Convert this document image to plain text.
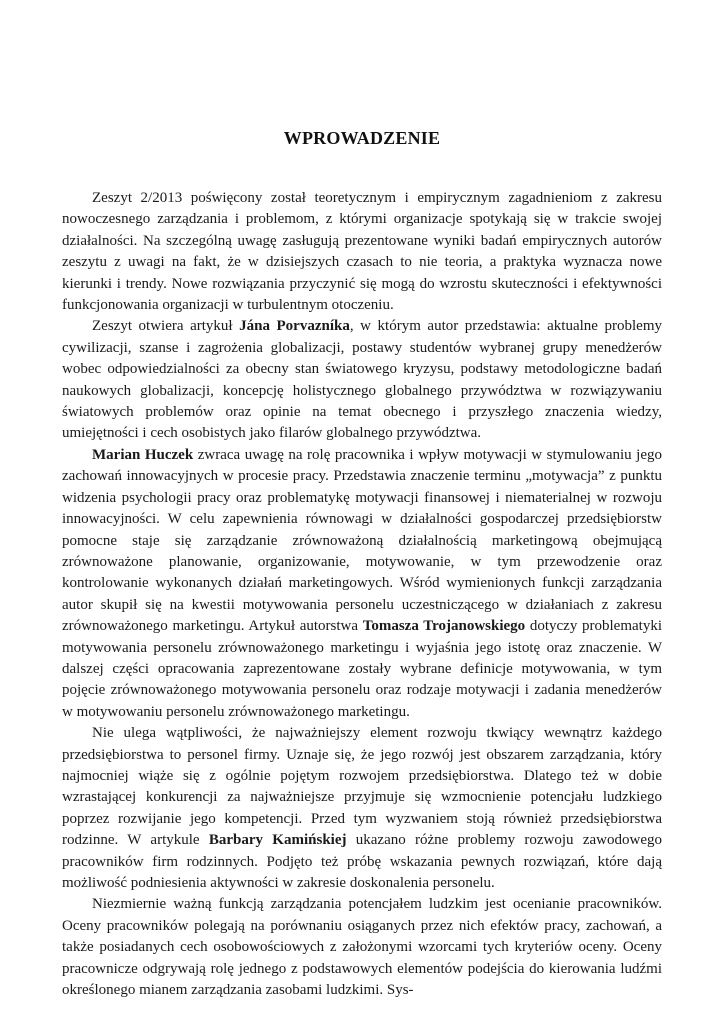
WPROWADZENIE

Zeszyt 2/2013 poświęcony został teoretycznym i empirycznym zagadnieniom z zakresu nowoczesnego zarządzania i problemom, z którymi organizacje spotykają się w trakcie swojej działalności. Na szczególną uwagę zasługują prezentowane wyniki badań empirycznych autorów zeszytu z uwagi na fakt, że w dzisiejszych czasach to nie teoria, a praktyka wyznacza nowe kierunki i trendy. Nowe rozwiązania przyczynić się mogą do wzrostu skuteczności i efektywności funkcjonowania organizacji w turbulentnym otoczeniu.

Zeszyt otwiera artykuł Jána Porvazníka, w którym autor przedstawia: aktualne problemy cywilizacji, szanse i zagrożenia globalizacji, postawy studentów wybranej grupy menedżerów wobec odpowiedzialności za obecny stan światowego kryzysu, podstawy metodologiczne badań naukowych globalizacji, koncepcję holistycznego globalnego przywództwa w rozwiązywaniu światowych problemów oraz opinie na temat obecnego i przyszłego znaczenia wiedzy, umiejętności i cech osobistych jako filarów globalnego przywództwa.

Marian Huczek zwraca uwagę na rolę pracownika i wpływ motywacji w stymulowaniu jego zachowań innowacyjnych w procesie pracy. Przedstawia znaczenie terminu „motywacja” z punktu widzenia psychologii pracy oraz problematykę motywacji finansowej i niematerialnej w rozwoju innowacyjności. W celu zapewnienia równowagi w działalności gospodarczej przedsiębiorstw pomocne staje się zarządzanie zrównoważoną działalnością marketingową obejmującą zrównoważone planowanie, organizowanie, motywowanie, w tym przewodzenie oraz kontrolowanie wykonanych działań marketingowych. Wśród wymienionych funkcji zarządzania autor skupił się na kwestii motywowania personelu uczestniczącego w działaniach z zakresu zrównoważonego marketingu. Artykuł autorstwa Tomasza Trojanowskiego dotyczy problematyki motywowania personelu zrównoważonego marketingu i wyjaśnia jego istotę oraz znaczenie. W dalszej części opracowania zaprezentowane zostały wybrane definicje motywowania, w tym pojęcie zrównoważonego motywowania personelu oraz rodzaje motywacji i zadania menedżerów w motywowaniu personelu zrównoważonego marketingu.

Nie ulega wątpliwości, że najważniejszy element rozwoju tkwiący wewnątrz każdego przedsiębiorstwa to personel firmy. Uznaje się, że jego rozwój jest obszarem zarządzania, który najmocniej wiąże się z ogólnie pojętym rozwojem przedsiębiorstwa. Dlatego też w dobie wzrastającej konkurencji za najważniejsze przyjmuje się wzmocnienie potencjału ludzkiego poprzez rozwijanie jego kompetencji. Przed tym wyzwaniem stoją również przedsiębiorstwa rodzinne. W artykule Barbary Kamińskiej ukazano różne problemy rozwoju zawodowego pracowników firm rodzinnych. Podjęto też próbę wskazania pewnych rozwiązań, które dają możliwość podniesienia aktywności w zakresie doskonalenia personelu.

Niezmiernie ważną funkcją zarządzania potencjałem ludzkim jest ocenianie pracowników. Oceny pracowników polegają na porównaniu osiąganych przez nich efektów pracy, zachowań, a także posiadanych cech osobowościowych z założonymi wzorcami tych kryteriów oceny. Oceny pracownicze odgrywają rolę jednego z podstawowych elementów podejścia do kierowania ludźmi określonego mianem zarządzania zasobami ludzkimi. Sys-
